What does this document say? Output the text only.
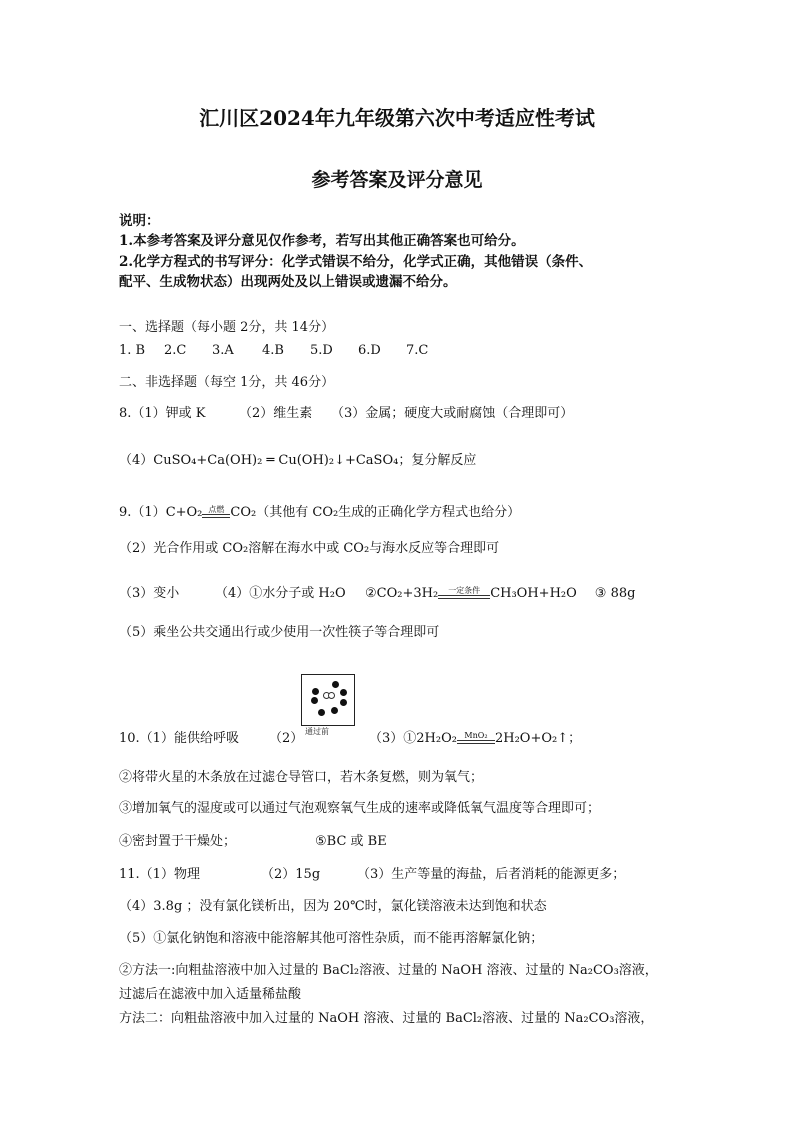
汇川区2024年九年级第六次中考适应性考试
参考答案及评分意见
说明：
1.本参考答案及评分意见仅作参考，若写出其他正确答案也可给分。
2.化学方程式的书写评分：化学式错误不给分，化学式正确，其他错误（条件、
配平、生成物状态）出现两处及以上错误或遗漏不给分。
一、选择题（每小题 2分，共 14分）
1. B 2.C 3.A 4.B 5.D 6.D 7.C
二、非选择题（每空 1分，共 46分）
8.（1）钾或 K	（2）维生素 （3）金属；硬度大或耐腐蚀（合理即可）
（4）CuSO₄+Ca(OH)₂ ═ Cu(OH)₂↓+CaSO₄；复分解反应
9.（1）C+O₂ 点燃 CO₂（其他有 CO₂生成的正确化学方程式也给分）
（2）光合作用或 CO₂溶解在海水中或 CO₂与海水反应等合理即可
（3）变小	（4）①水分子或 H₂O ②CO₂+3H₂	一定条件 CH₃OH+H₂O ③ 88g
（5）乘坐公共交通出行或少使用一次性筷子等合理即可
通过前
10.（1）能供给呼吸 （2）	（3）①2H₂O₂ MnO₂ 2H₂O+O₂↑；
②将带火星的木条放在过滤仓导管口，若木条复燃，则为氧气；
③增加氧气的湿度或可以通过气泡观察氧气生成的速率或降低氧气温度等合理即可；
④密封置于干燥处；	⑤BC 或 BE
11.（1）物理	（2）15g	（3）生产等量的海盐，后者消耗的能源更多；
（4）3.8g ；没有氯化镁析出，因为 20℃时，氯化镁溶液未达到饱和状态
（5）①氯化钠饱和溶液中能溶解其他可溶性杂质，而不能再溶解氯化钠；
②方法一:向粗盐溶液中加入过量的 BaCl₂溶液、过量的 NaOH 溶液、过量的 Na₂CO₃溶液，
过滤后在滤液中加入适量稀盐酸
方法二：向粗盐溶液中加入过量的 NaOH 溶液、过量的 BaCl₂溶液、过量的 Na₂CO₃溶液，
